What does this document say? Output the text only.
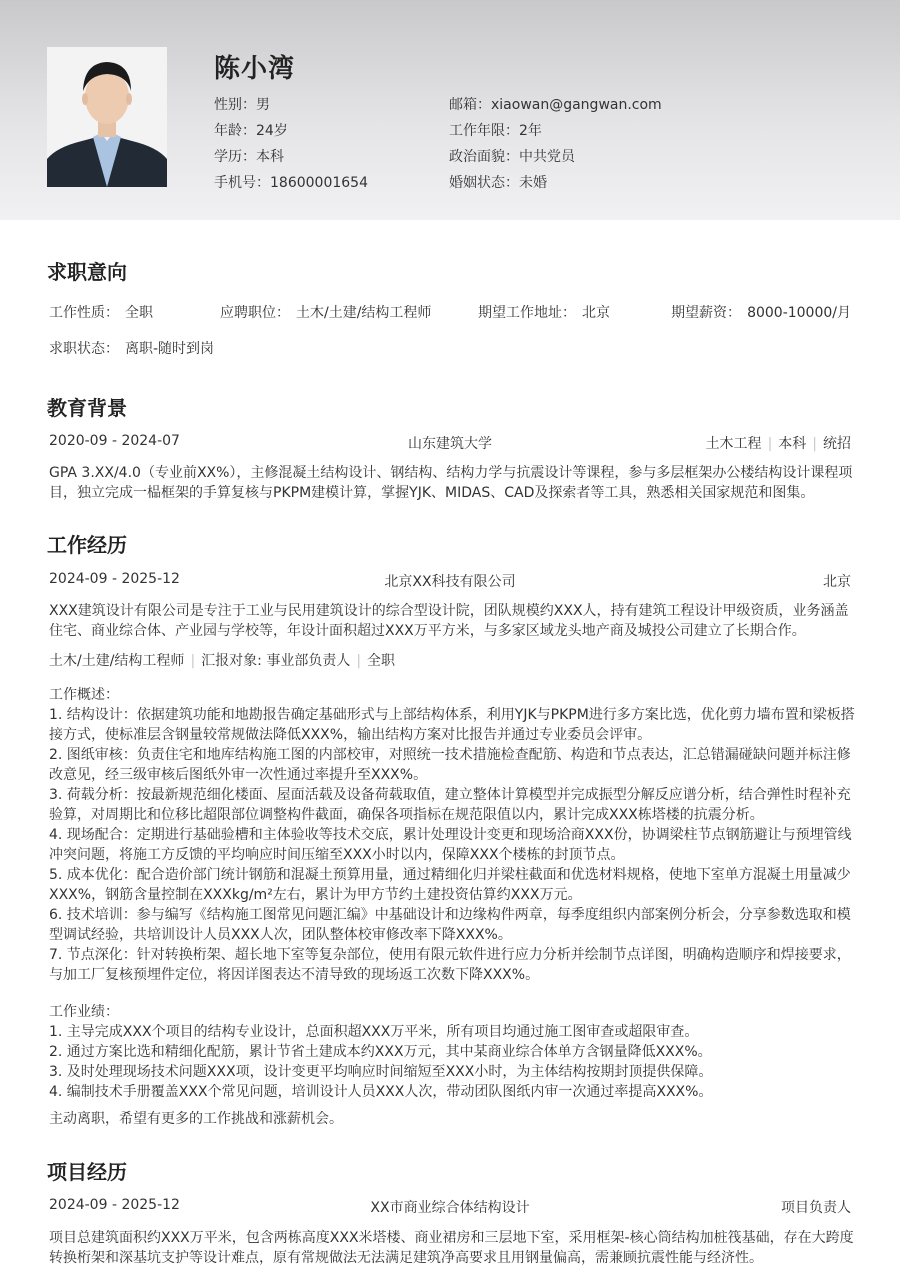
陈小湾
性别：男
年龄：24岁
学历：本科
手机号：18600001654
邮箱：xiaowan@gangwan.com
工作年限：2年
政治面貌：中共党员
婚姻状态：未婚
求职意向
工作性质： 全职	应聘职位： 土木/土建/结构工程师	期望工作地址： 北京	期望薪资： 8000-10000/月
求职状态： 离职-随时到岗
教育背景
2020-09 - 2024-07	山东建筑大学	土木工程 | 本科 | 统招
GPA 3.XX/4.0（专业前XX%），主修混凝土结构设计、钢结构、结构力学与抗震设计等课程，参与多层框架办公楼结构设计课程项目，独立完成一榀框架的手算复核与PKPM建模计算，掌握YJK、MIDAS、CAD及探索者等工具，熟悉相关国家规范和图集。
工作经历
2024-09 - 2025-12	北京XX科技有限公司	北京
XXX建筑设计有限公司是专注于工业与民用建筑设计的综合型设计院，团队规模约XXX人，持有建筑工程设计甲级资质，业务涵盖住宅、商业综合体、产业园与学校等，年设计面积超过XXX万平方米，与多家区域龙头地产商及城投公司建立了长期合作。
土木/土建/结构工程师 | 汇报对象: 事业部负责人 | 全职
工作概述：
1. 结构设计：依据建筑功能和地勘报告确定基础形式与上部结构体系，利用YJK与PKPM进行多方案比选，优化剪力墙布置和梁板搭接方式，使标准层含钢量较常规做法降低XXX%，输出结构方案对比报告并通过专业委员会评审。
2. 图纸审核：负责住宅和地库结构施工图的内部校审，对照统一技术措施检查配筋、构造和节点表达，汇总错漏碰缺问题并标注修改意见，经三级审核后图纸外审一次性通过率提升至XXX%。
3. 荷载分析：按最新规范细化楼面、屋面活载及设备荷载取值，建立整体计算模型并完成振型分解反应谱分析，结合弹性时程补充验算，对周期比和位移比超限部位调整构件截面，确保各项指标在规范限值以内，累计完成XXX栋塔楼的抗震分析。
4. 现场配合：定期进行基础验槽和主体验收等技术交底，累计处理设计变更和现场洽商XXX份，协调梁柱节点钢筋避让与预埋管线冲突问题，将施工方反馈的平均响应时间压缩至XXX小时以内，保障XXX个楼栋的封顶节点。
5. 成本优化：配合造价部门统计钢筋和混凝土预算用量，通过精细化归并梁柱截面和优选材料规格，使地下室单方混凝土用量减少XXX%，钢筋含量控制在XXXkg/m²左右，累计为甲方节约土建投资估算约XXX万元。
6. 技术培训：参与编写《结构施工图常见问题汇编》中基础设计和边缘构件两章，每季度组织内部案例分析会，分享参数选取和模型调试经验，共培训设计人员XXX人次，团队整体校审修改率下降XXX%。
7. 节点深化：针对转换桁架、超长地下室等复杂部位，使用有限元软件进行应力分析并绘制节点详图，明确构造顺序和焊接要求，与加工厂复核预埋件定位，将因详图表达不清导致的现场返工次数下降XXX%。
工作业绩：
1. 主导完成XXX个项目的结构专业设计，总面积超XXX万平米，所有项目均通过施工图审查或超限审查。
2. 通过方案比选和精细化配筋，累计节省土建成本约XXX万元，其中某商业综合体单方含钢量降低XXX%。
3. 及时处理现场技术问题XXX项，设计变更平均响应时间缩短至XXX小时，为主体结构按期封顶提供保障。
4. 编制技术手册覆盖XXX个常见问题，培训设计人员XXX人次，带动团队图纸内审一次通过率提高XXX%。
主动离职，希望有更多的工作挑战和涨薪机会。
项目经历
2024-09 - 2025-12	XX市商业综合体结构设计	项目负责人
项目总建筑面积约XXX万平米，包含两栋高度XXX米塔楼、商业裙房和三层地下室，采用框架-核心筒结构加桩筏基础，存在大跨度转换桁架和深基坑支护等设计难点，原有常规做法无法满足建筑净高要求且用钢量偏高，需兼顾抗震性能与经济性。
